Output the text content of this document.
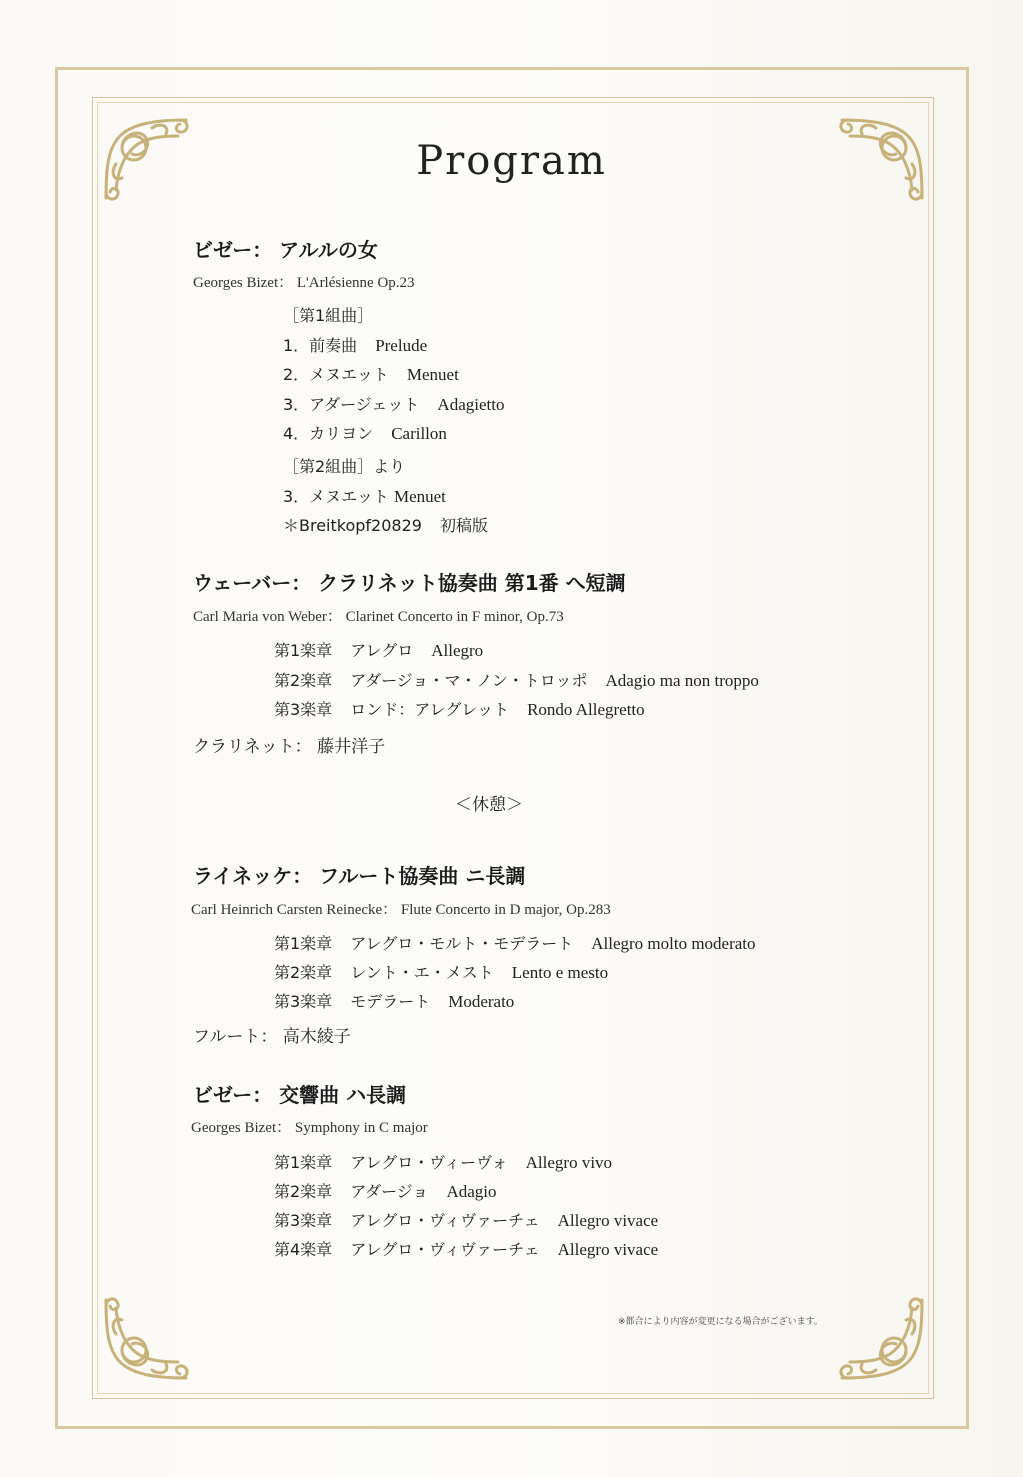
Program
ビゼー： アルルの女
Georges Bizet： L'Arlésienne Op.23
［第1組曲］
1．前奏曲 Prelude
2．メヌエット Menuet
3．アダージェット Adagietto
4．カリヨン Carillon
［第2組曲］より
3．メヌエット Menuet
＊Breitkopf20829 初稿版
ウェーバー： クラリネット協奏曲 第1番 へ短調
Carl Maria von Weber： Clarinet Concerto in F minor, Op.73
第1楽章 アレグロ Allegro
第2楽章 アダージョ・マ・ノン・トロッポ Adagio ma non troppo
第3楽章 ロンド：アレグレット Rondo Allegretto
クラリネット： 藤井洋子
＜休憩＞
ライネッケ： フルート協奏曲 ニ長調
Carl Heinrich Carsten Reinecke： Flute Concerto in D major, Op.283
第1楽章 アレグロ・モルト・モデラート Allegro molto moderato
第2楽章 レント・エ・メスト Lento e mesto
第3楽章 モデラート Moderato
フルート： 高木綾子
ビゼー： 交響曲 ハ長調
Georges Bizet： Symphony in C major
第1楽章 アレグロ・ヴィーヴォ Allegro vivo
第2楽章 アダージョ Adagio
第3楽章 アレグロ・ヴィヴァーチェ Allegro vivace
第4楽章 アレグロ・ヴィヴァーチェ Allegro vivace
※都合により内容が変更になる場合がございます。
